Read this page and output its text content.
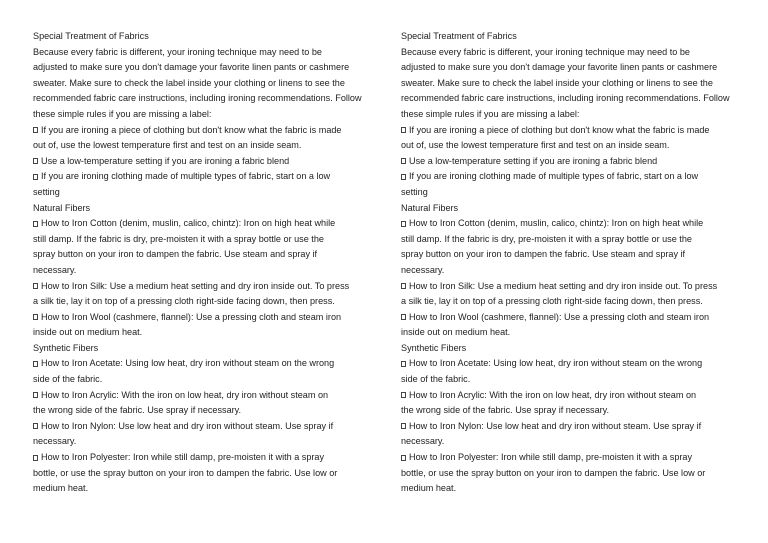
Special Treatment of Fabrics
Because every fabric is different, your ironing technique may need to be
adjusted to make sure you don't damage your favorite linen pants or cashmere
sweater. Make sure to check the label inside your clothing or linens to see the
recommended fabric care instructions, including ironing recommendations. Follow
these simple rules if you are missing a label:
If you are ironing a piece of clothing but don't know what the fabric is made
out of, use the lowest temperature first and test on an inside seam.
Use a low-temperature setting if you are ironing a fabric blend
If you are ironing clothing made of multiple types of fabric, start on a low
setting
Natural Fibers
How to Iron Cotton (denim, muslin, calico, chintz): Iron on high heat while
still damp. If the fabric is dry, pre-moisten it with a spray bottle or use the
spray button on your iron to dampen the fabric. Use steam and spray if
necessary.
How to Iron Silk: Use a medium heat setting and dry iron inside out. To press
a silk tie, lay it on top of a pressing cloth right-side facing down, then press.
How to Iron Wool (cashmere, flannel): Use a pressing cloth and steam iron
inside out on medium heat.
Synthetic Fibers
How to Iron Acetate: Using low heat, dry iron without steam on the wrong
side of the fabric.
How to Iron Acrylic: With the iron on low heat, dry iron without steam on
the wrong side of the fabric. Use spray if necessary.
How to Iron Nylon: Use low heat and dry iron without steam. Use spray if
necessary.
How to Iron Polyester: Iron while still damp, pre-moisten it with a spray
bottle, or use the spray button on your iron to dampen the fabric. Use low or
medium heat.
Special Treatment of Fabrics
Because every fabric is different, your ironing technique may need to be
adjusted to make sure you don't damage your favorite linen pants or cashmere
sweater. Make sure to check the label inside your clothing or linens to see the
recommended fabric care instructions, including ironing recommendations. Follow
these simple rules if you are missing a label:
If you are ironing a piece of clothing but don't know what the fabric is made
out of, use the lowest temperature first and test on an inside seam.
Use a low-temperature setting if you are ironing a fabric blend
If you are ironing clothing made of multiple types of fabric, start on a low
setting
Natural Fibers
How to Iron Cotton (denim, muslin, calico, chintz): Iron on high heat while
still damp. If the fabric is dry, pre-moisten it with a spray bottle or use the
spray button on your iron to dampen the fabric. Use steam and spray if
necessary.
How to Iron Silk: Use a medium heat setting and dry iron inside out. To press
a silk tie, lay it on top of a pressing cloth right-side facing down, then press.
How to Iron Wool (cashmere, flannel): Use a pressing cloth and steam iron
inside out on medium heat.
Synthetic Fibers
How to Iron Acetate: Using low heat, dry iron without steam on the wrong
side of the fabric.
How to Iron Acrylic: With the iron on low heat, dry iron without steam on
the wrong side of the fabric. Use spray if necessary.
How to Iron Nylon: Use low heat and dry iron without steam. Use spray if
necessary.
How to Iron Polyester: Iron while still damp, pre-moisten it with a spray
bottle, or use the spray button on your iron to dampen the fabric. Use low or
medium heat.
